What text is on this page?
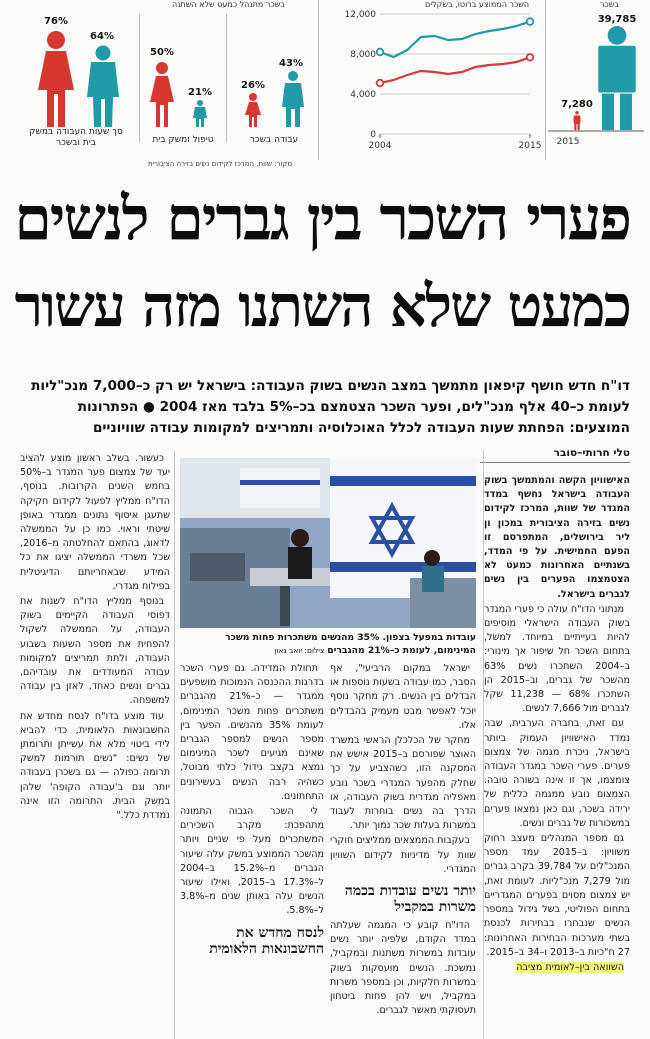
בשכר מתנהל כמעט שלא השתנה	השכר הממוצע ברוטו, בשקלים	בשכר
76%
64%
סך שעות העבודה במשק בית ובשכר
50%
21%
טיפול ומשק בית
26%
43%
עבודה בשכר
מקור: שוות, המרכז לקידום נשים בזירה הציבורית
0
4,000
8,000
12,000
2004	2015
7,280
39,785
2015
פערי השכר בין גברים לנשים
כמעט שלא השתנו מזה עשור
דו"ח חדש חושף קיפאון מתמשך במצב הנשים בשוק העבודה: בישראל יש רק כ–7,000 מנכ"ליות לעומת כ–40 אלף מנכ"לים, ופער השכר הצטמצם בכ–5% בלבד מאז 2004 ● הפתרונות המוצעים: הפחתת שעות העבודה לכלל האוכלוסיה ותמריצים למקומות עבודה שוויוניים
טלי חרותי–סובר

האישוויון הקשה והמתמשך בשוק העבודה בישראל נחשף במדד המגדר של שוות, המרכז לקידום נשים בזירה הציבורית במכון ון ליר בירושלים, המתפרסם זו הפעם החמישית. על פי המדד, בשנתיים האחרונות כמעט לא הצטמצמו הפערים בין נשים לגברים בישראל.

מנתוני הדו"ח עולה כי פערי המגדר בשוק העבודה הישראלי מוסיפים להיות בעייתיים במיוחד. למשל, בתחום השכר חל שיפור אך מינורי: ב–2004 השתכרו נשים 63% מהשכר של גברים, וב–2015 הן השתכרו 68% — 11,238 שקל לגברים מול 7,666 לנשים.

עם זאת, בחברה הערבית, שבה נמדד האישוויון העמוק ביותר בישראל, ניכרת מגמה של צמצום פערים. פערי השכר במגדר העבודה צומצמו, אך זו אינה בשורה טובה. הצמצום נובע ממגמה כללית של ירידה בשכר, וגם כאן נמצאו פערים במשכורות של גברים ונשים.

גם מספר המנהלים מעצב רחוק משוויון: ב–2015 עמד מספר המנכ"לים על 39,784 בקרב גברים מול 7,279 מנכ"ליות. לעומת זאת, יש צמצום מסוים בפערים המגדריים בתחום הפוליטי, בשל גידול במספר הנשים שנבחרו בבחירות לכנסת בשתי מערכות הבחירות האחרונות: 27 ח"כיות ב–2013 ו–34 ב–2015.

השוואה בין–לאומית מציבה

עובדות במפעל בצפון. 35% מהנשים משתכרות פחות משכר המינימום, לעומת כ–21% מהגברים צילום: יואב גאון

ישראל במקום הרביעי", אף הסבר, כמו עבודה בשעות נוספות או הבדלים בין הנשים. רק מחקר נוסף יוכל לאפשר מבט מעמיק בהבדלים אלו.

מחקר של הכלכלן הראשי במשרד האוצר שפורסם ב–2015 אישש את המסקנה הזו, כשהצביע על כך שחלק מהפער המגדרי בשכר נובע מאפליה מגדרית בשוק העבודה, או הדרך בה נשים בוחרות לעבוד במשרות בעלות שכר נמוך יותר.

בעקבות הממצאים ממליצים חוקרי שוות על מדיניות לקידום השוויון המגדרי.

יותר נשים עובדות בכמה משרות במקביל

הדו"ח קובע כי המגמה שעלתה במדד הקודם, שלפיה יותר נשים עובדות במשרות משתנות ובמקביל, נמשכת. הנשים מועסקות בשוק במשרות חלקיות, וכן במספר משרות במקביל, ויש להן פחות ביטחון תעסוקתי מאשר לגברים.

תחולת המדידה. גם פערי השכר בדרגות ההכנסה הנמוכות מושפעים ממגדר — כ–21% מהגברים משתכרים פחות משכר המינימום, לעומת 35% מהנשים. הפער בין מספר הנשים למספר הגברים שאינם מגיעים לשכר המינימום נמצא בקצב גידול כלתי מבוטל, כשהיה רבה הנשים בעשירונים התחתונים.

לי השכר הגבוה התמונה מתהפכת: מקרב השכירים המשתכרים מעל פי שניים ויותר מהשכר הממוצע במשק עלה שיעור הגברים מ–15.2% ב–2004 ל–17.3% ב–2015, ואילו שיעור הנשים עלה באותן שנים מ–3.8% ל–5.8%.

לנסח מחדש את החשבונאות הלאומית

כעשור. בשלב ראשון מוצע להציב יעד של צמצום פער המגדר ב–50% בחמש השנים הקרובות. בנוסף, הדו"ח ממליץ לפעול לקידום חקיקה שתעגן איסוף נתונים ממגדר באופן שיטתי וראוי. כמו כן על הממשלה לדאוג, בהתאם להחלטתה מ–2016, שכל משרדי הממשלה יציגו את כל המידע שבאחריותם הדיגיטלית בפילוח מגדרי.

בנוסף ממליץ הדו"ח לשנות את דפוסי העבודה הקיימים בשוק העבודה, על הממשלה לשקול להפחית את מספר השעות בשבוע העבודה, ולתת תמריצים למקומות עבודה המעודדים את עובדיהם, גברים ונשים כאחד, לאזן בין עבודה למשפחה.

עוד מוצע בדו"ח לנסח מחדש את החשבונאות הלאומית, כדי להביא לידי ביטוי מלא את עשייתן ותרומתן של נשים: "נשים תורמות למשק תרומה כפולה — גם בשכרן בעבודה יותר וגם ב'עבודה הקופה' שלהן במשק הבית. התרומה הזו אינה נמדדת כלל."
